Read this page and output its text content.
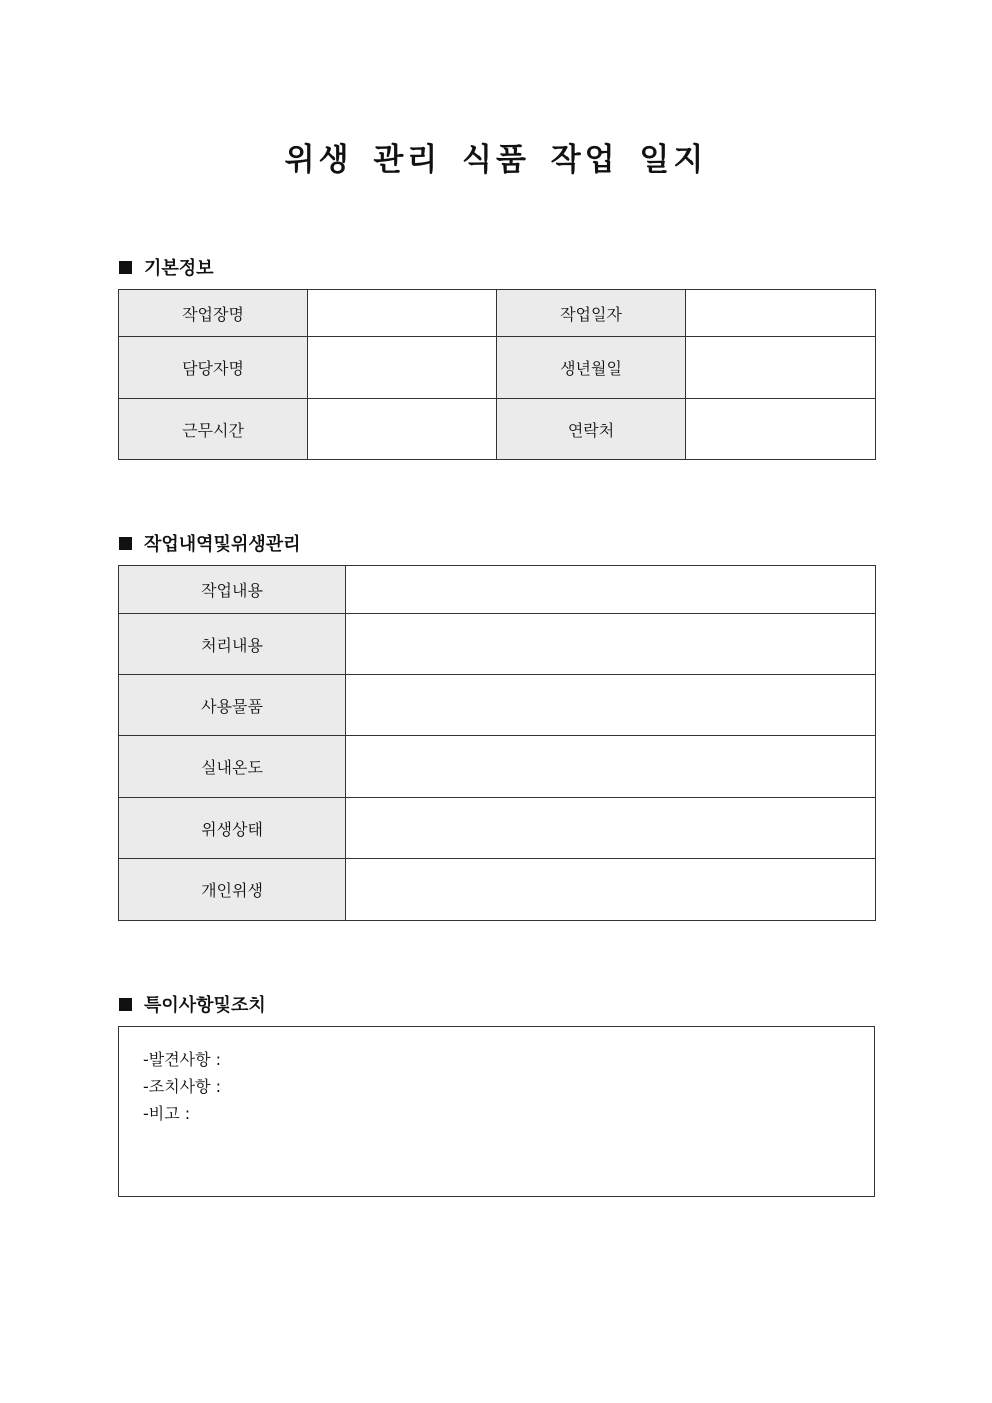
위생 관리 식품 작업 일지
기본정보
작업장명		작업일자	
담당자명		생년월일	
근무시간		연락처	
작업내역및위생관리
작업내용	
처리내용	
사용물품	
실내온도	
위생상태	
개인위생	
특이사항및조치
-발견사항 :
-조치사항 :
-비고 :
